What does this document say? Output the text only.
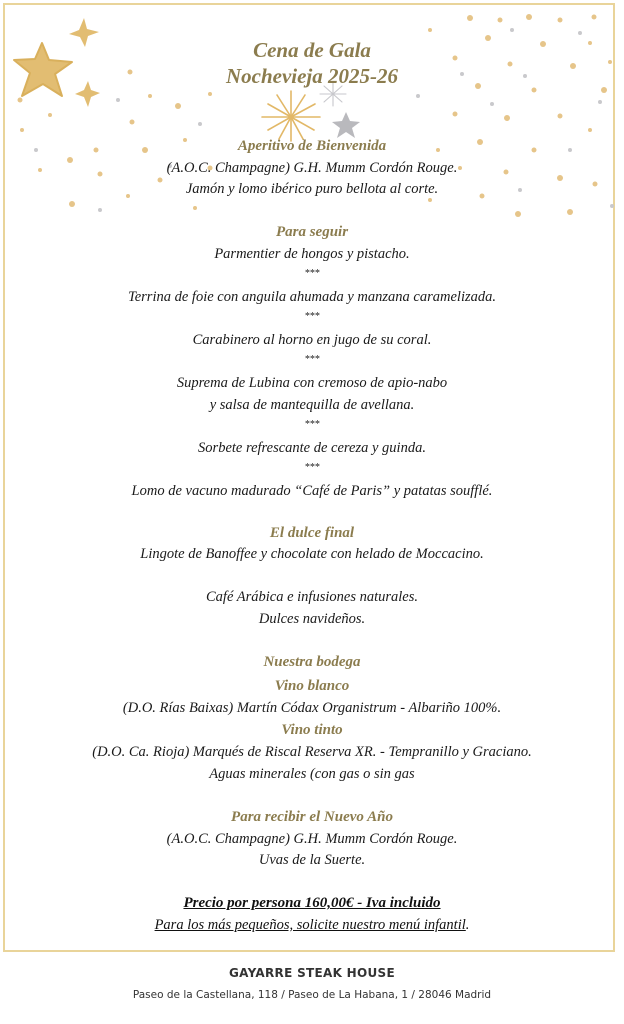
Cena de Gala
Nochevieja 2025-26
Aperitivo de Bienvenida
(A.O.C. Champagne) G.H. Mumm Cordón Rouge.
Jamón y lomo ibérico puro bellota al corte.
Para seguir
Parmentier de hongos y pistacho.
***
Terrina de foie con anguila ahumada y manzana caramelizada.
***
Carabinero al horno en jugo de su coral.
***
Suprema de Lubina con cremoso de apio-nabo
y salsa de mantequilla de avellana.
***
Sorbete refrescante de cereza y guinda.
***
Lomo de vacuno madurado “Café de Paris” y patatas soufflé.
El dulce final
Lingote de Banoffee y chocolate con helado de Moccacino.
Café Arábica e infusiones naturales.
Dulces navideños.
Nuestra bodega
Vino blanco
(D.O. Rías Baixas) Martín Códax Organistrum - Albariño 100%.
Vino tinto
(D.O. Ca. Rioja) Marqués de Riscal Reserva XR. - Tempranillo y Graciano.
Aguas minerales (con gas o sin gas
Para recibir el Nuevo Año
(A.O.C. Champagne) G.H. Mumm Cordón Rouge.
Uvas de la Suerte.
Precio por persona 160,00€ - Iva incluido
Para los más pequeños, solicite nuestro menú infantil.
GAYARRE STEAK HOUSE
Paseo de la Castellana, 118 / Paseo de La Habana, 1 / 28046 Madrid
